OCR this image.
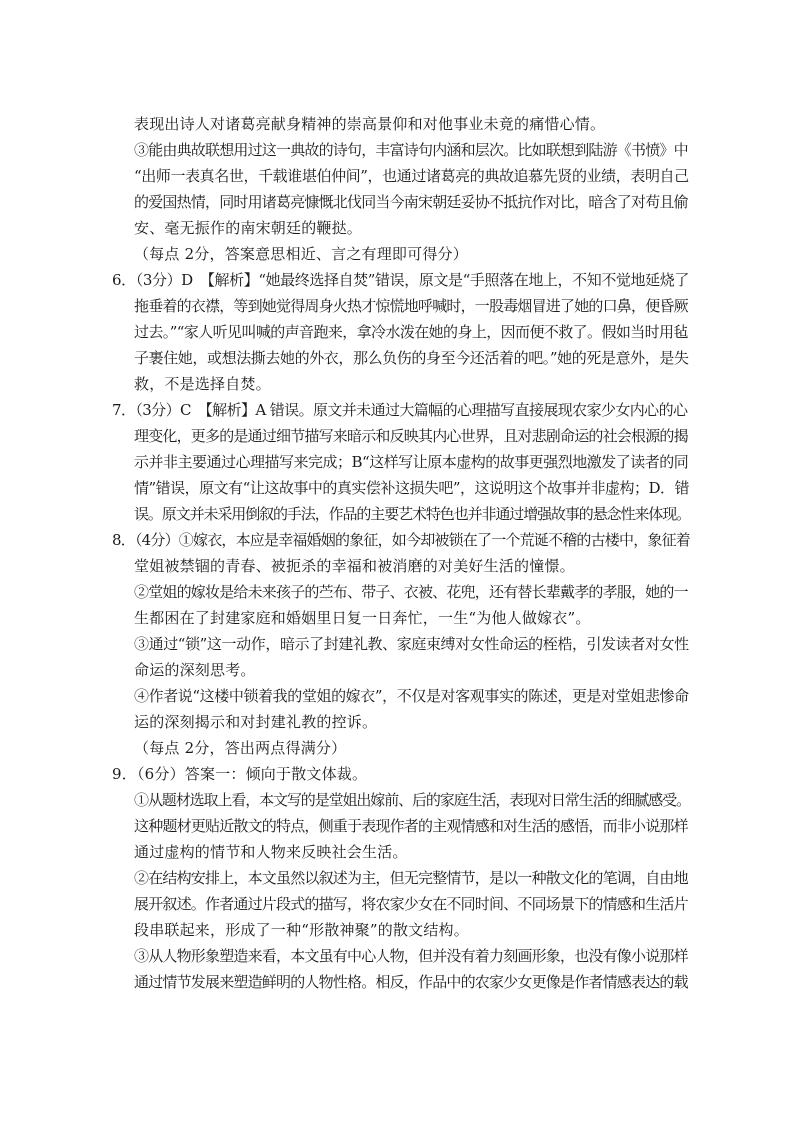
表现出诗人对诸葛亮献身精神的崇高景仰和对他事业未竟的痛惜心情。
③能由典故联想用过这一典故的诗句，丰富诗句内涵和层次。比如联想到陆游《书愤》中
“出师一表真名世，千载谁堪伯仲间”，也通过诸葛亮的典故追慕先贤的业绩，表明自己
的爱国热情，同时用诸葛亮慷慨北伐同当今南宋朝廷妥协不抵抗作对比，暗含了对苟且偷
安、毫无振作的南宋朝廷的鞭挞。
（每点 2分，答案意思相近、言之有理即可得分）
6．（3分）D　【解析】“她最终选择自焚”错误，原文是“手照落在地上，不知不觉地延烧了
拖垂着的衣襟，等到她觉得周身火热才惊慌地呼喊时，一股毒烟冒进了她的口鼻，便昏厥
过去。”“家人听见叫喊的声音跑来，拿冷水泼在她的身上，因而便不救了。假如当时用毡
子裹住她，或想法撕去她的外衣，那么负伤的身至今还活着的吧。”她的死是意外，是失
救，不是选择自焚。
7．（3分）C　【解析】A 错误。原文并未通过大篇幅的心理描写直接展现农家少女内心的心
理变化，更多的是通过细节描写来暗示和反映其内心世界，且对悲剧命运的社会根源的揭
示并非主要通过心理描写来完成；B“这样写让原本虚构的故事更强烈地激发了读者的同
情”错误，原文有“让这故事中的真实偿补这损失吧”，这说明这个故事并非虚构；D．错
误。原文并未采用倒叙的手法，作品的主要艺术特色也并非通过增强故事的悬念性来体现。
8．（4分）①嫁衣，本应是幸福婚姻的象征，如今却被锁在了一个荒诞不稽的古楼中，象征着
堂姐被禁锢的青春、被扼杀的幸福和被消磨的对美好生活的憧憬。
②堂姐的嫁妆是给未来孩子的苎布、带子、衣被、花兜，还有替长辈戴孝的孝服，她的一
生都困在了封建家庭和婚姻里日复一日奔忙，一生“为他人做嫁衣”。
③通过“锁”这一动作，暗示了封建礼教、家庭束缚对女性命运的桎梏，引发读者对女性
命运的深刻思考。
④作者说“这楼中锁着我的堂姐的嫁衣”，不仅是对客观事实的陈述，更是对堂姐悲惨命
运的深刻揭示和对封建礼教的控诉。
（每点 2分，答出两点得满分）
9．（6分）答案一：倾向于散文体裁。
①从题材选取上看，本文写的是堂姐出嫁前、后的家庭生活，表现对日常生活的细腻感受。
这种题材更贴近散文的特点，侧重于表现作者的主观情感和对生活的感悟，而非小说那样
通过虚构的情节和人物来反映社会生活。
②在结构安排上，本文虽然以叙述为主，但无完整情节，是以一种散文化的笔调，自由地
展开叙述。作者通过片段式的描写，将农家少女在不同时间、不同场景下的情感和生活片
段串联起来，形成了一种“形散神聚”的散文结构。
③从人物形象塑造来看，本文虽有中心人物，但并没有着力刻画形象，也没有像小说那样
通过情节发展来塑造鲜明的人物性格。相反，作品中的农家少女更像是作者情感表达的载
